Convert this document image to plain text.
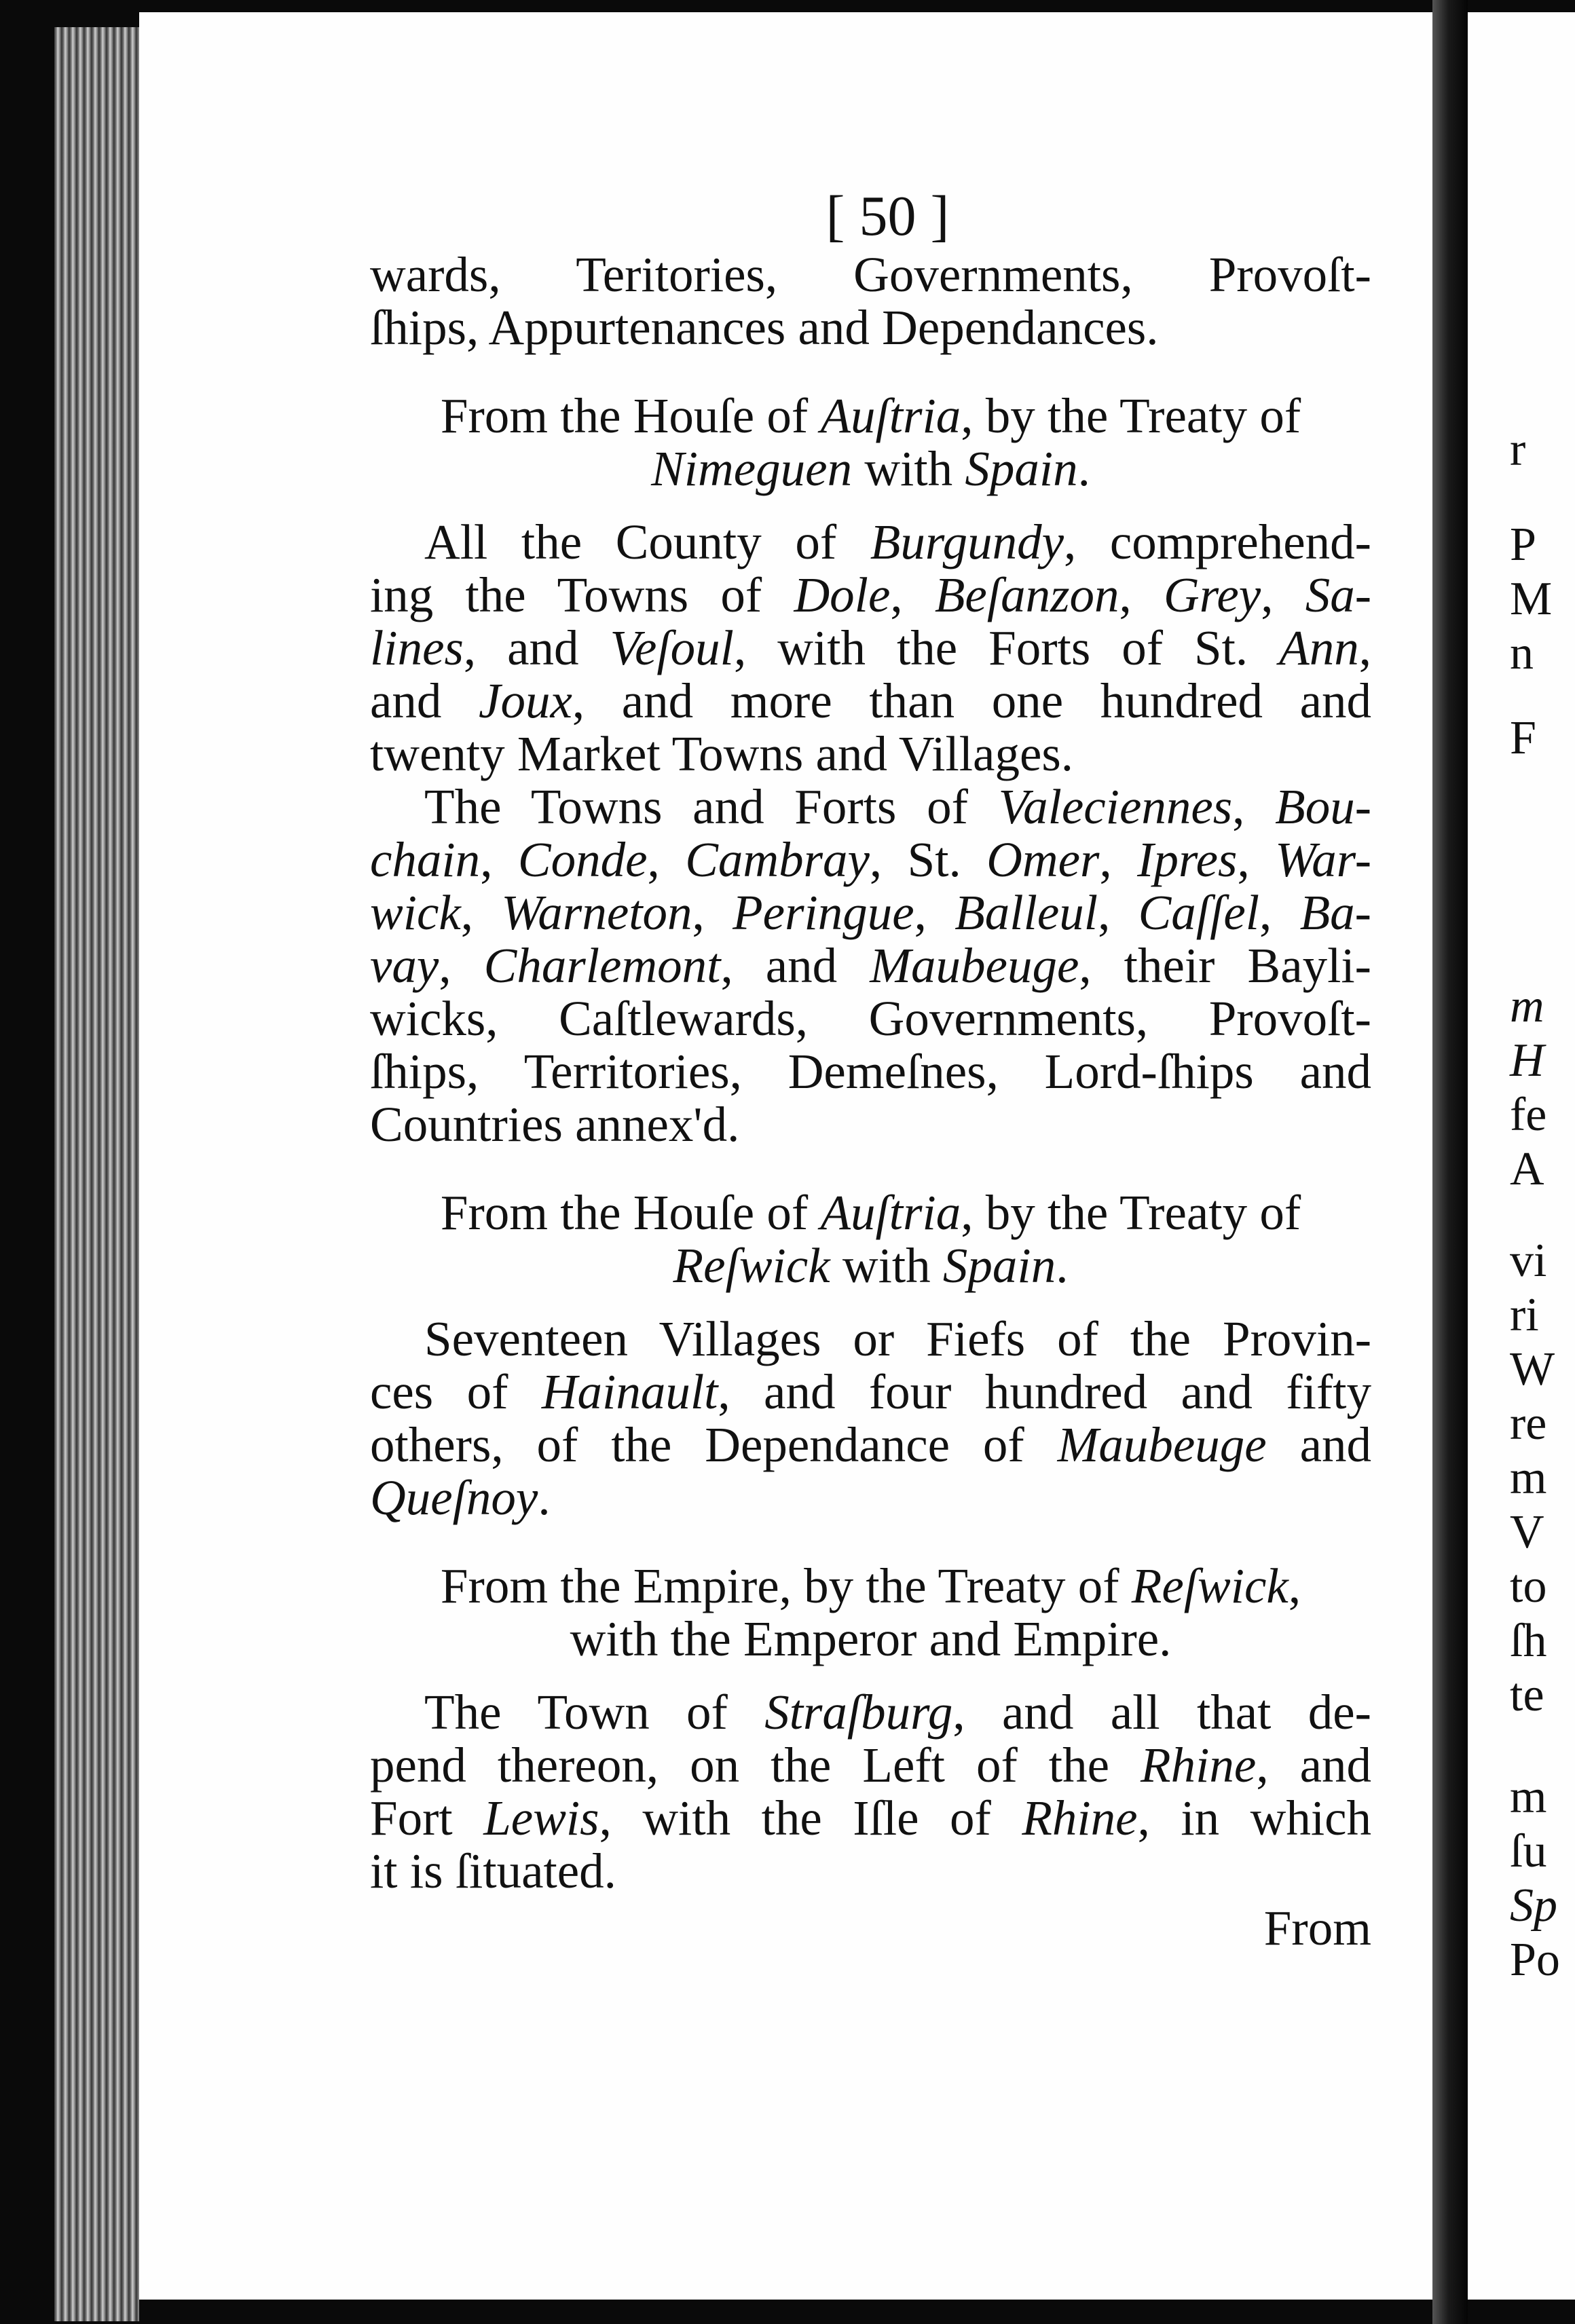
r
P
M
n
F
m
H
fe
A
vi
ri
W
re
m
V
to
ſh
te
m
ſu
Sp
Po
[ 50 ]

wards, Teritories, Governments, Provoſt-

ſhips, Appurtenances and Dependances.

From the Houſe of Auſtria, by the Treaty of

Nimeguen with Spain.

All the County of Burgundy, comprehend-

ing the Towns of Dole, Beſanzon, Grey, Sa-

lines, and Veſoul, with the Forts of St. Ann,

and Joux, and more than one hundred and

twenty Market Towns and Villages.

The Towns and Forts of Valeciennes, Bou-

chain, Conde, Cambray, St. Omer, Ipres, War-

wick, Warneton, Peringue, Balleul, Caſſel, Ba-

vay, Charlemont, and Maubeuge, their Bayli-

wicks, Caſtlewards, Governments, Provoſt-

ſhips, Territories, Demeſnes, Lord-ſhips and

Countries annex'd.

From the Houſe of Auſtria, by the Treaty of

Reſwick with Spain.

Seventeen Villages or Fiefs of the Provin-

ces of Hainault, and four hundred and fifty

others, of the Dependance of Maubeuge and

Queſnoy.

From the Empire, by the Treaty of Reſwick,

with the Emperor and Empire.

The Town of Straſburg, and all that de-

pend thereon, on the Left of the Rhine, and

Fort Lewis, with the Iſle of Rhine, in which

it is ſituated.

From
